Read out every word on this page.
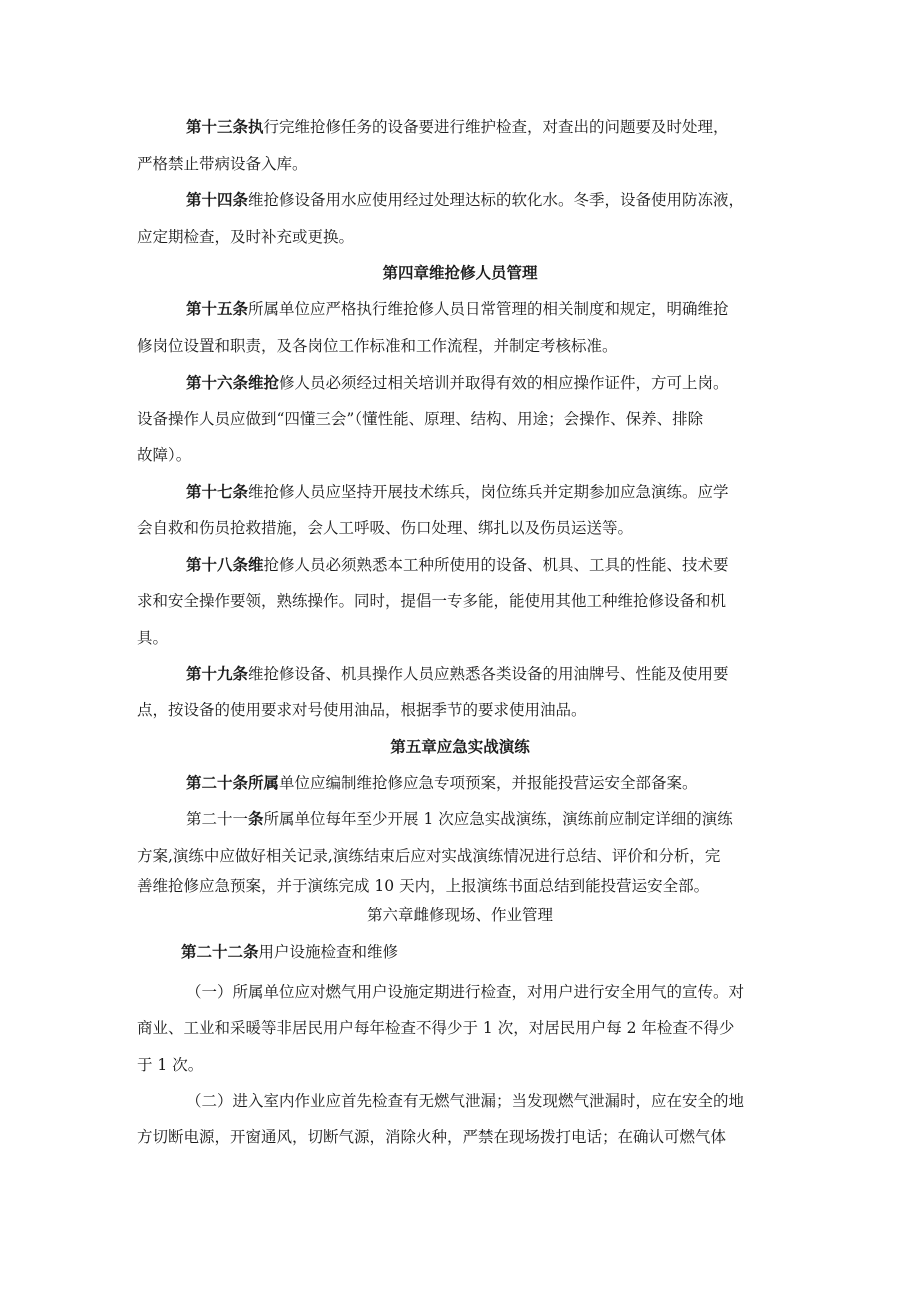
第十三条执行完维抢修任务的设备要进行维护检查，对查出的问题要及时处理，
严格禁止带病设备入库。
第十四条维抢修设备用水应使用经过处理达标的软化水。冬季，设备使用防冻液，
应定期检查，及时补充或更换。
第四章维抢修人员管理
第十五条所属单位应严格执行维抢修人员日常管理的相关制度和规定，明确维抢
修岗位设置和职责，及各岗位工作标准和工作流程，并制定考核标准。
第十六条维抢修人员必须经过相关培训并取得有效的相应操作证件，方可上岗。
设备操作人员应做到“四懂三会”（懂性能、原理、结构、用途；会操作、保养、排除
故障）。
第十七条维抢修人员应坚持开展技术练兵，岗位练兵并定期参加应急演练。应学
会自救和伤员抢救措施，会人工呼吸、伤口处理、绑扎以及伤员运送等。
第十八条维抢修人员必须熟悉本工种所使用的设备、机具、工具的性能、技术要
求和安全操作要领，熟练操作。同时，提倡一专多能，能使用其他工种维抢修设备和机
具。
第十九条维抢修设备、机具操作人员应熟悉各类设备的用油牌号、性能及使用要
点，按设备的使用要求对号使用油品，根据季节的要求使用油品。
第五章应急实战演练
第二十条所属单位应编制维抢修应急专项预案，并报能投营运安全部备案。
第二十一条所属单位每年至少开展 1 次应急实战演练，演练前应制定详细的演练
方案,演练中应做好相关记录,演练结束后应对实战演练情况进行总结、评价和分析，完
善维抢修应急预案，并于演练完成 10 天内，上报演练书面总结到能投营运安全部。
第六章雌修现场、作业管理
第二十二条用户设施检查和维修
（一）所属单位应对燃气用户设施定期进行检查，对用户进行安全用气的宣传。对
商业、工业和采暖等非居民用户每年检查不得少于 1 次，对居民用户每 2 年检查不得少
于 1 次。
（二）进入室内作业应首先检查有无燃气泄漏；当发现燃气泄漏时，应在安全的地
方切断电源，开窗通风，切断气源，消除火种，严禁在现场拨打电话；在确认可燃气体
